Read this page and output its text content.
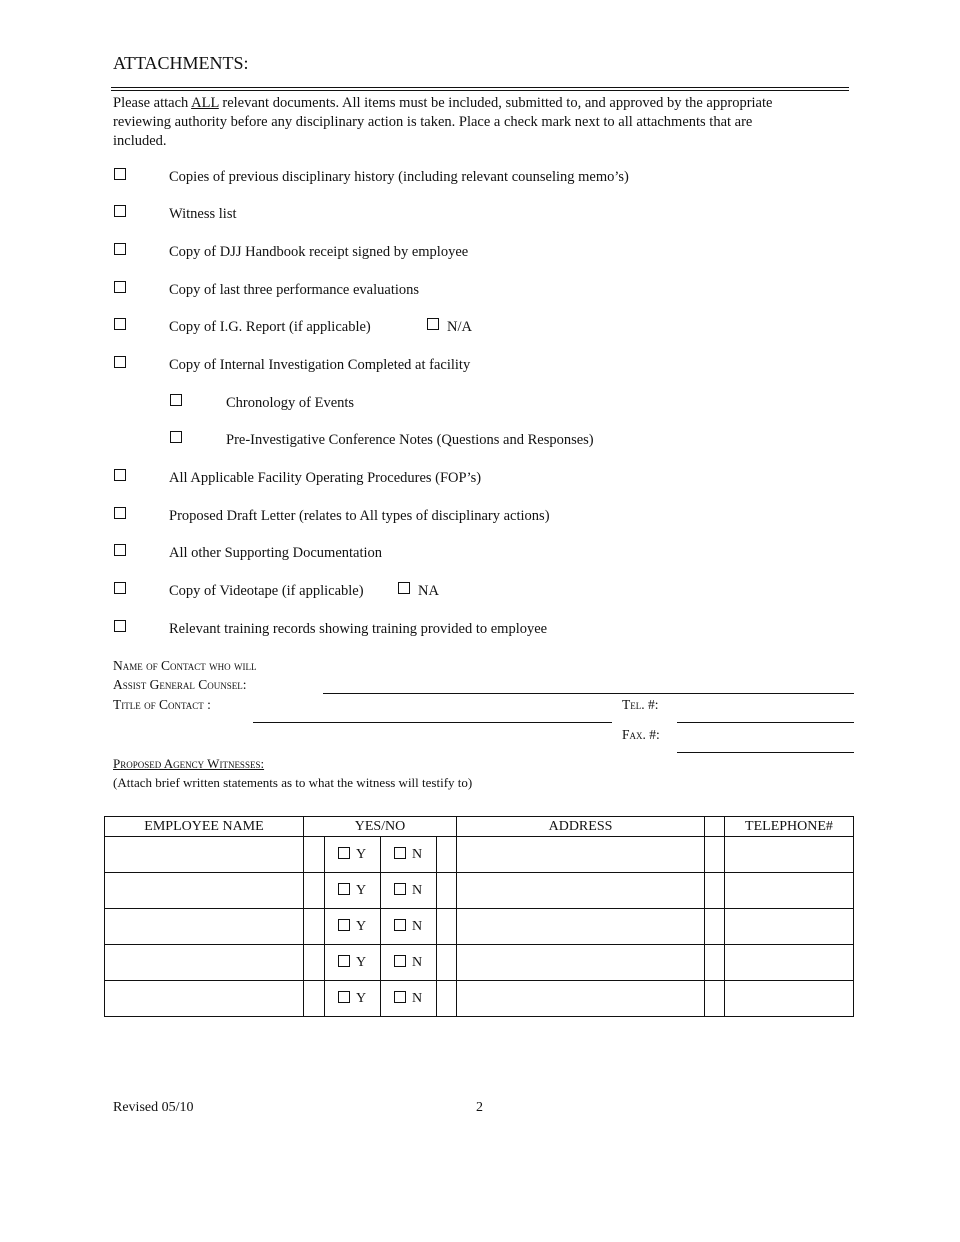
ATTACHMENTS:
Please attach ALL relevant documents. All items must be included, submitted to, and approved by the appropriate
reviewing authority before any disciplinary action is taken. Place a check mark next to all attachments that are
included.
Copies of previous disciplinary history (including relevant counseling memo’s)
Witness list
Copy of DJJ Handbook receipt signed by employee
Copy of last three performance evaluations
Copy of I.G. Report (if applicable)	N/A
Copy of Internal Investigation Completed at facility
Chronology of Events
Pre-Investigative Conference Notes (Questions and Responses)
All Applicable Facility Operating Procedures (FOP’s)
Proposed Draft Letter (relates to All types of disciplinary actions)
All other Supporting Documentation
Copy of Videotape (if applicable)	NA
Relevant training records showing training provided to employee
Name of Contact who will
Assist General Counsel:
Title of Contact :	Tel. #:
Fax. #:
Proposed Agency Witnesses:
(Attach brief written statements as to what the witness will testify to)
EMPLOYEE NAME		YES/NO			ADDRESS		TELEPHONE#
		Y	N				
		Y	N				
		Y	N				
		Y	N				
		Y	N				
Revised 05/10	2
